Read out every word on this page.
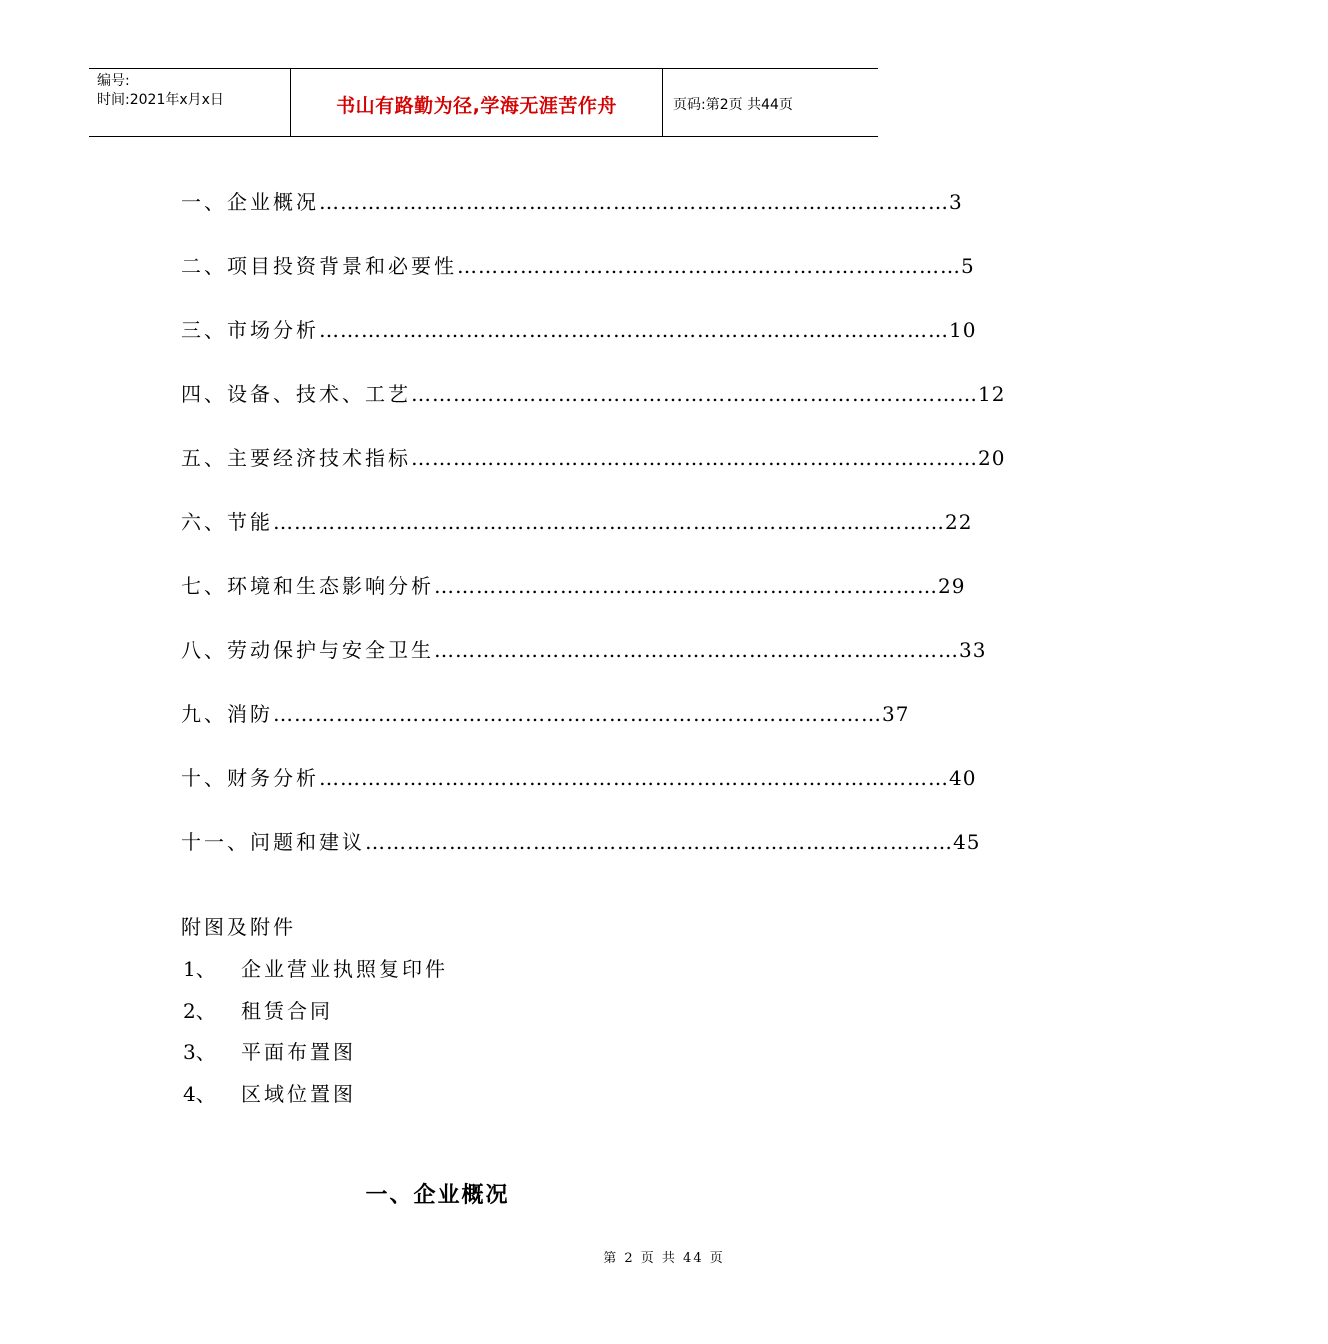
编号:
时间:2021年x月x日	书山有路勤为径,学海无涯苦作舟	页码:第2页 共44页
一、企业概况 ……………………………………………………………………………… 3
二、项目投资背景和必要性 ……………………………………………………………… 5
三、市场分析 ……………………………………………………………………………… 10
四、设备、技术、工艺 ……………………………………………………………………… 12
五、主要经济技术指标 ……………………………………………………………………… 20
六、节能 …………………………………………………………………………………… 22
七、环境和生态影响分析 ……………………………………………………………… 29
八、劳动保护与安全卫生 ………………………………………………………………… 33
九、消防 …………………………………………………………………………… 37
十、财务分析 ……………………………………………………………………………… 40
十一、问题和建议 ………………………………………………………………………… 45
附图及附件
1、	企业营业执照复印件
2、	租赁合同
3、	平面布置图
4、	区域位置图
一、企业概况
第 2 页 共 44 页
